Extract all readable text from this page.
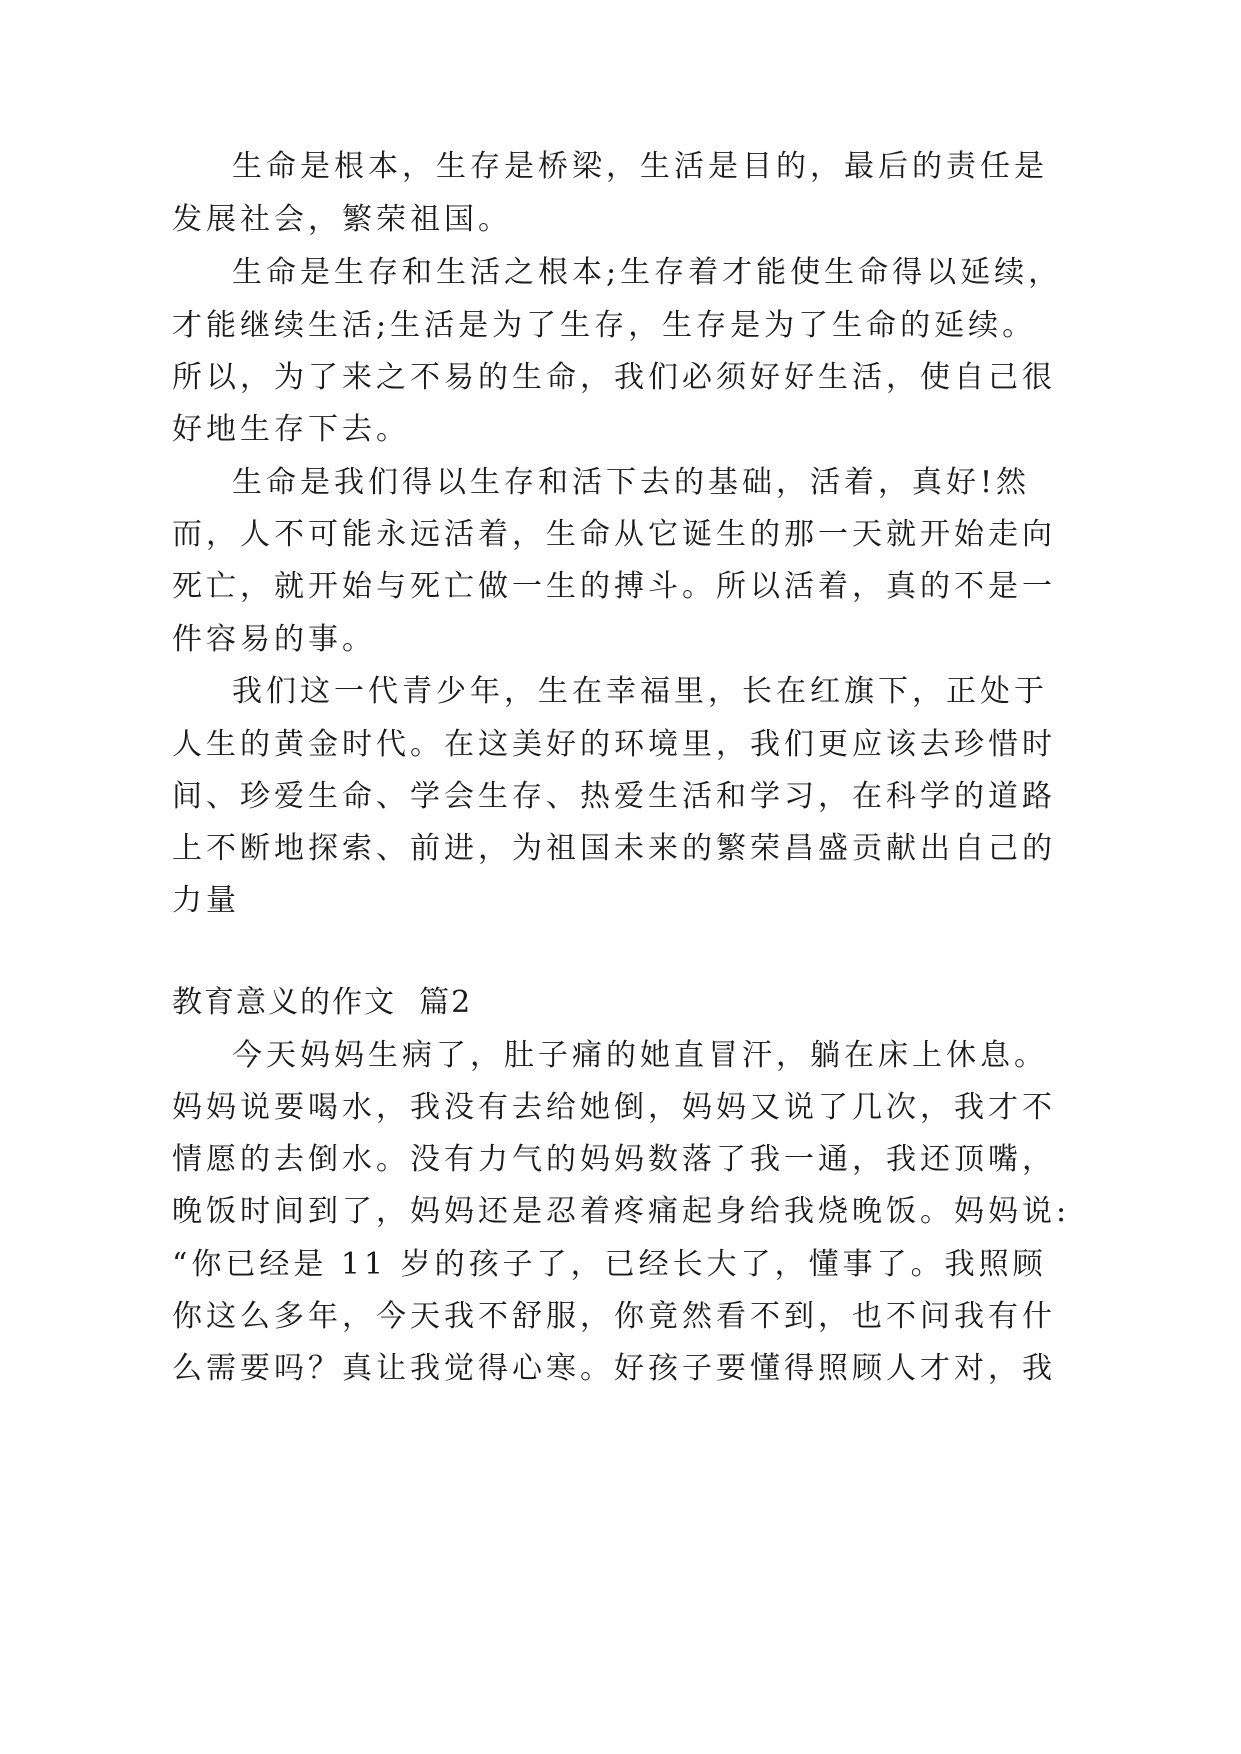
生命是根本，生存是桥梁，生活是目的，最后的责任是
发展社会，繁荣祖国。
生命是生存和生活之根本;生存着才能使生命得以延续，
才能继续生活;生活是为了生存，生存是为了生命的延续。
所以，为了来之不易的生命，我们必须好好生活，使自己很
好地生存下去。
生命是我们得以生存和活下去的基础，活着，真好!然
而，人不可能永远活着，生命从它诞生的那一天就开始走向
死亡，就开始与死亡做一生的搏斗。所以活着，真的不是一
件容易的事。
我们这一代青少年，生在幸福里，长在红旗下，正处于
人生的黄金时代。在这美好的环境里，我们更应该去珍惜时
间、珍爱生命、学会生存、热爱生活和学习，在科学的道路
上不断地探索、前进，为祖国未来的繁荣昌盛贡献出自己的
力量
教育意义的作文  篇2
今天妈妈生病了，肚子痛的她直冒汗，躺在床上休息。
妈妈说要喝水，我没有去给她倒，妈妈又说了几次，我才不
情愿的去倒水。没有力气的妈妈数落了我一通，我还顶嘴，
晚饭时间到了，妈妈还是忍着疼痛起身给我烧晚饭。妈妈说:
“你已经是 11 岁的孩子了，已经长大了，懂事了。我照顾
你这么多年，今天我不舒服，你竟然看不到，也不问我有什
么需要吗？真让我觉得心寒。好孩子要懂得照顾人才对，我
